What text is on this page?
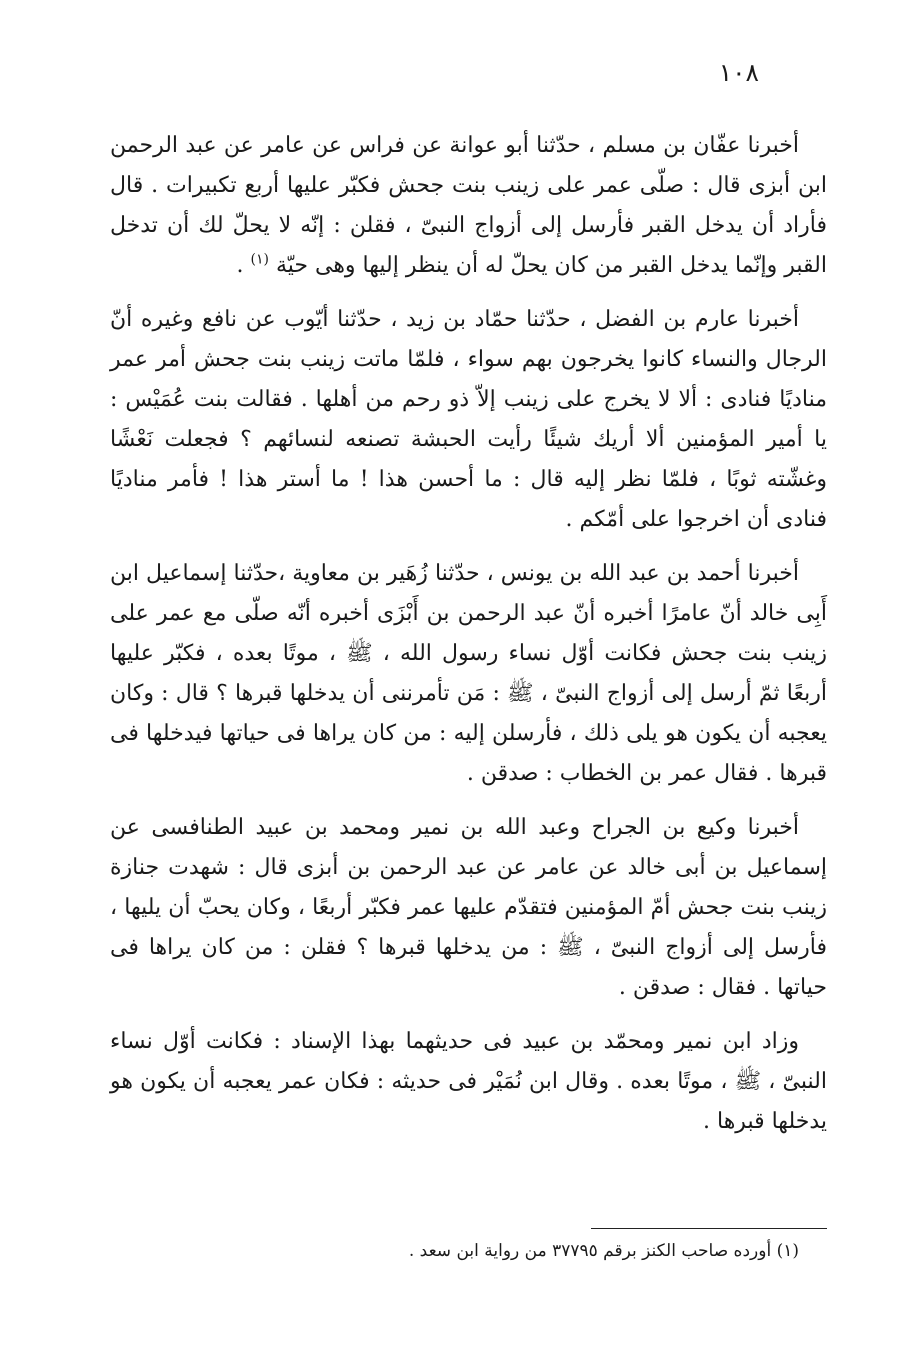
١٠٨

أخبرنا عفّان بن مسلم ، حدّثنا أبو عوانة عن فراس عن عامر عن عبد الرحمن ابن أبزى قال : صلّى عمر على زينب بنت جحش فكبّر عليها أربع تكبيرات . قال فأراد أن يدخل القبر فأرسل إلى أزواج النبىّ ، فقلن : إنّه لا يحلّ لك أن تدخل القبر وإنّما يدخل القبر من كان يحلّ له أن ينظر إليها وهى حيّة $^{(١)}$ .

أخبرنا عارم بن الفضل ، حدّثنا حمّاد بن زيد ، حدّثنا أيّوب عن نافع وغيره أنّ الرجال والنساء كانوا يخرجون بهم سواء ، فلمّا ماتت زينب بنت جحش أمر عمر مناديًا فنادى : ألا لا يخرج على زينب إلاّ ذو رحم من أهلها . فقالت بنت عُمَيْس : يا أمير المؤمنين ألا أريك شيئًا رأيت الحبشة تصنعه لنسائهم ؟ فجعلت نَعْشًا وغشّته ثوبًا ، فلمّا نظر إليه قال : ما أحسن هذا ! ما أستر هذا ! فأمر مناديًا فنادى أن اخرجوا على أمّكم .

أخبرنا أحمد بن عبد الله بن يونس ، حدّثنا زُهَير بن معاوية ،حدّثنا إسماعيل ابن أَبِى خالد أنّ عامرًا أخبره أنّ عبد الرحمن بن أَبْزَى أخبره أنّه صلّى مع عمر على زينب بنت جحش فكانت أوّل نساء رسول الله ، ﷺ ، موتًا بعده ، فكبّر عليها أربعًا ثمّ أرسل إلى أزواج النبىّ ، ﷺ : مَن تأمرننى أن يدخلها قبرها ؟ قال : وكان يعجبه أن يكون هو يلى ذلك ، فأرسلن إليه : من كان يراها فى حياتها فيدخلها فى قبرها . فقال عمر بن الخطاب : صدقن .

أخبرنا وكيع بن الجراح وعبد الله بن نمير ومحمد بن عبيد الطنافسى عن إسماعيل بن أبى خالد عن عامر عن عبد الرحمن بن أبزى قال : شهدت جنازة زينب بنت جحش أمّ المؤمنين فتقدّم عليها عمر فكبّر أربعًا ، وكان يحبّ أن يليها ، فأرسل إلى أزواج النبىّ ، ﷺ : من يدخلها قبرها ؟ فقلن : من كان يراها فى حياتها . فقال : صدقن .

وزاد ابن نمير ومحمّد بن عبيد فى حديثهما بهذا الإسناد : فكانت أوّل نساء النبىّ ، ﷺ ، موتًا بعده . وقال ابن نُمَيْر فى حديثه : فكان عمر يعجبه أن يكون هو يدخلها قبرها .

(١) أورده صاحب الكنز برقم ٣٧٧٩٥ من رواية ابن سعد .
